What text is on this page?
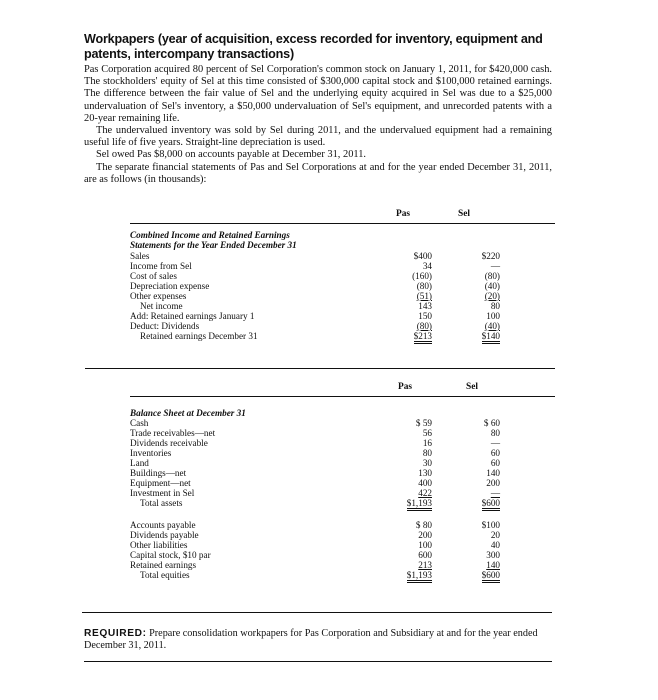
Workpapers (year of acquisition, excess recorded for inventory, equipment and patents, intercompany transactions)

Pas Corporation acquired 80 percent of Sel Corporation's common stock on January 1, 2011, for $420,000 cash. The stockholders' equity of Sel at this time consisted of $300,000 capital stock and $100,000 retained earnings. The difference between the fair value of Sel and the underlying equity acquired in Sel was due to a $25,000 undervaluation of Sel's inventory, a $50,000 undervaluation of Sel's equipment, and unrecorded patents with a 20-year remaining life.

The undervalued inventory was sold by Sel during 2011, and the undervalued equipment had a remaining useful life of five years. Straight-line depreciation is used.

Sel owed Pas $8,000 on accounts payable at December 31, 2011.

The separate financial statements of Pas and Sel Corporations at and for the year ended December 31, 2011, are as follows (in thousands):

Pas	Sel
Combined Income and Retained Earnings
Statements for the Year Ended December 31
Sales	$400	$220
Income from Sel	34	—
Cost of sales	(160)	(80)
Depreciation expense	(80)	(40)
Other expenses	(51)	(20)
Net income	143	80
Add: Retained earnings January 1	150	100
Deduct: Dividends	(80)	(40)
Retained earnings December 31	$213	$140
Pas	Sel
Balance Sheet at December 31
Cash	$ 59	$ 60
Trade receivables—net	56	80
Dividends receivable	16	—
Inventories	80	60
Land	30	60
Buildings—net	130	140
Equipment—net	400	200
Investment in Sel	422	—
Total assets	$1,193	$600
Accounts payable	$ 80	$100
Dividends payable	200	20
Other liabilities	100	40
Capital stock, $10 par	600	300
Retained earnings	213	140
Total equities	$1,193	$600
REQUIRED: Prepare consolidation workpapers for Pas Corporation and Subsidiary at and for the year ended December 31, 2011.
